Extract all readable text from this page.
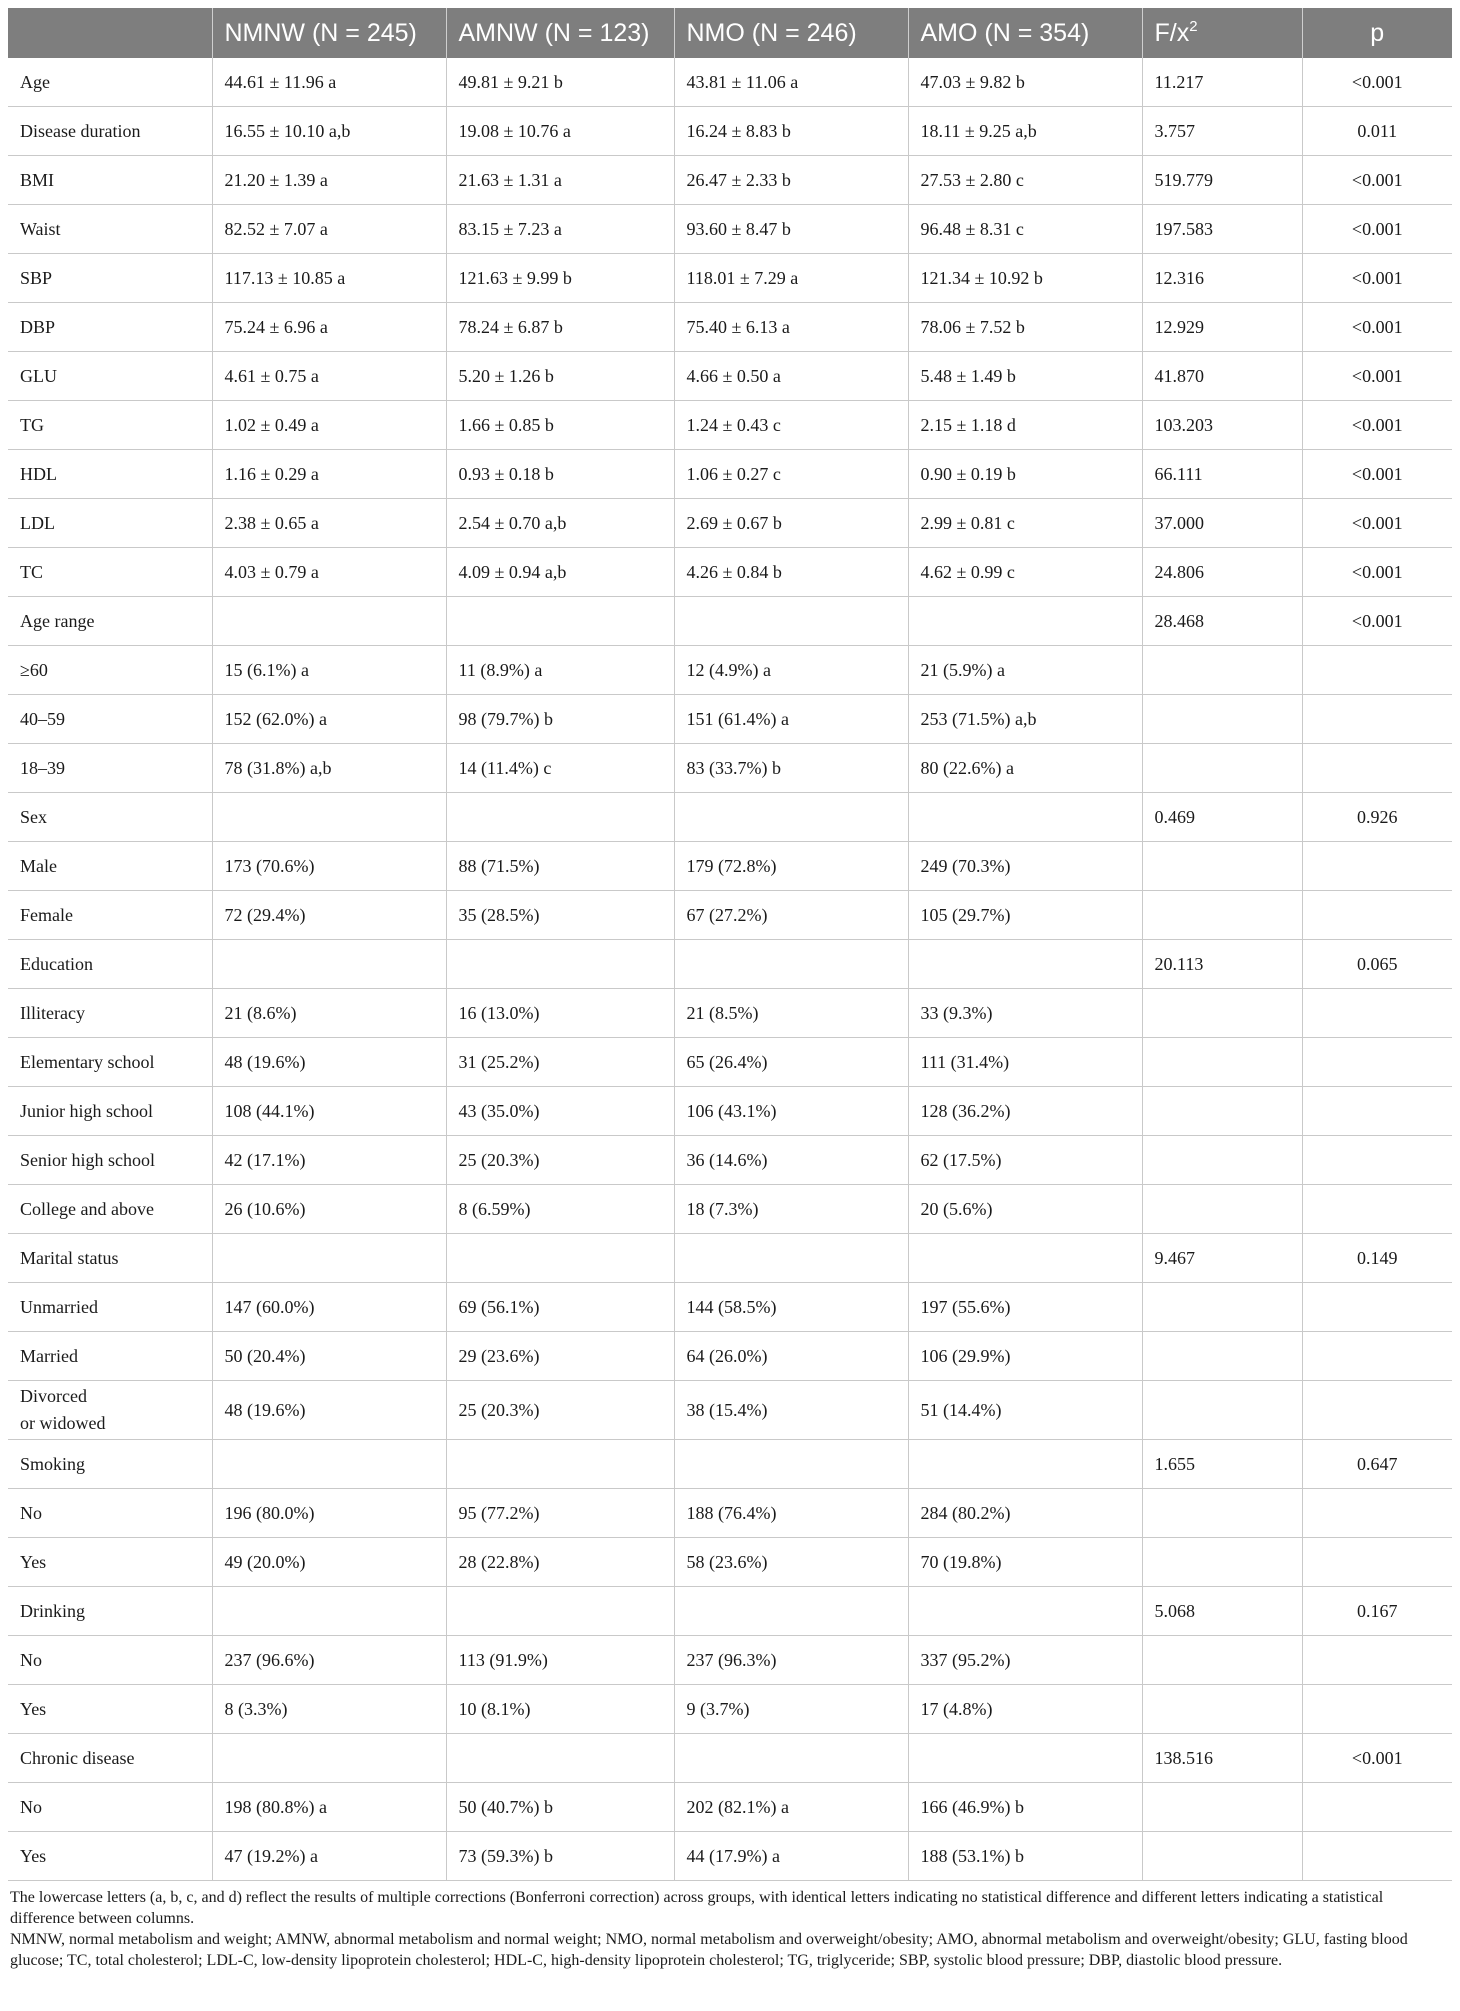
	NMNW (N = 245)	AMNW (N = 123)	NMO (N = 246)	AMO (N = 354)	$F/x^2$	p
Age	44.61 ± 11.96 a	49.81 ± 9.21 b	43.81 ± 11.06 a	47.03 ± 9.82 b	11.217	<0.001
Disease duration	16.55 ± 10.10 a,b	19.08 ± 10.76 a	16.24 ± 8.83 b	18.11 ± 9.25 a,b	3.757	0.011
BMI	21.20 ± 1.39 a	21.63 ± 1.31 a	26.47 ± 2.33 b	27.53 ± 2.80 c	519.779	<0.001
Waist	82.52 ± 7.07 a	83.15 ± 7.23 a	93.60 ± 8.47 b	96.48 ± 8.31 c	197.583	<0.001
SBP	117.13 ± 10.85 a	121.63 ± 9.99 b	118.01 ± 7.29 a	121.34 ± 10.92 b	12.316	<0.001
DBP	75.24 ± 6.96 a	78.24 ± 6.87 b	75.40 ± 6.13 a	78.06 ± 7.52 b	12.929	<0.001
GLU	4.61 ± 0.75 a	5.20 ± 1.26 b	4.66 ± 0.50 a	5.48 ± 1.49 b	41.870	<0.001
TG	1.02 ± 0.49 a	1.66 ± 0.85 b	1.24 ± 0.43 c	2.15 ± 1.18 d	103.203	<0.001
HDL	1.16 ± 0.29 a	0.93 ± 0.18 b	1.06 ± 0.27 c	0.90 ± 0.19 b	66.111	<0.001
LDL	2.38 ± 0.65 a	2.54 ± 0.70 a,b	2.69 ± 0.67 b	2.99 ± 0.81 c	37.000	<0.001
TC	4.03 ± 0.79 a	4.09 ± 0.94 a,b	4.26 ± 0.84 b	4.62 ± 0.99 c	24.806	<0.001
Age range					28.468	<0.001
≥60	15 (6.1%) a	11 (8.9%) a	12 (4.9%) a	21 (5.9%) a		
40–59	152 (62.0%) a	98 (79.7%) b	151 (61.4%) a	253 (71.5%) a,b		
18–39	78 (31.8%) a,b	14 (11.4%) c	83 (33.7%) b	80 (22.6%) a		
Sex					0.469	0.926
Male	173 (70.6%)	88 (71.5%)	179 (72.8%)	249 (70.3%)		
Female	72 (29.4%)	35 (28.5%)	67 (27.2%)	105 (29.7%)		
Education					20.113	0.065
Illiteracy	21 (8.6%)	16 (13.0%)	21 (8.5%)	33 (9.3%)		
Elementary school	48 (19.6%)	31 (25.2%)	65 (26.4%)	111 (31.4%)		
Junior high school	108 (44.1%)	43 (35.0%)	106 (43.1%)	128 (36.2%)		
Senior high school	42 (17.1%)	25 (20.3%)	36 (14.6%)	62 (17.5%)		
College and above	26 (10.6%)	8 (6.59%)	18 (7.3%)	20 (5.6%)		
Marital status					9.467	0.149
Unmarried	147 (60.0%)	69 (56.1%)	144 (58.5%)	197 (55.6%)		
Married	50 (20.4%)	29 (23.6%)	64 (26.0%)	106 (29.9%)		

Divorced
or widowed	48 (19.6%)	25 (20.3%)	38 (15.4%)	51 (14.4%)		
Smoking					1.655	0.647
No	196 (80.0%)	95 (77.2%)	188 (76.4%)	284 (80.2%)		
Yes	49 (20.0%)	28 (22.8%)	58 (23.6%)	70 (19.8%)		
Drinking					5.068	0.167
No	237 (96.6%)	113 (91.9%)	237 (96.3%)	337 (95.2%)		
Yes	8 (3.3%)	10 (8.1%)	9 (3.7%)	17 (4.8%)		
Chronic disease					138.516	<0.001
No	198 (80.8%) a	50 (40.7%) b	202 (82.1%) a	166 (46.9%) b		
Yes	47 (19.2%) a	73 (59.3%) b	44 (17.9%) a	188 (53.1%) b		

The lowercase letters (a, b, c, and d) reflect the results of multiple corrections (Bonferroni correction) across groups, with identical letters indicating no statistical difference and different letters indicating a statistical difference between columns.

NMNW, normal metabolism and weight; AMNW, abnormal metabolism and normal weight; NMO, normal metabolism and overweight/obesity; AMO, abnormal metabolism and overweight/obesity; GLU, fasting blood glucose; TC, total cholesterol; LDL-C, low-density lipoprotein cholesterol; HDL-C, high-density lipoprotein cholesterol; TG, triglyceride; SBP, systolic blood pressure; DBP, diastolic blood pressure.
